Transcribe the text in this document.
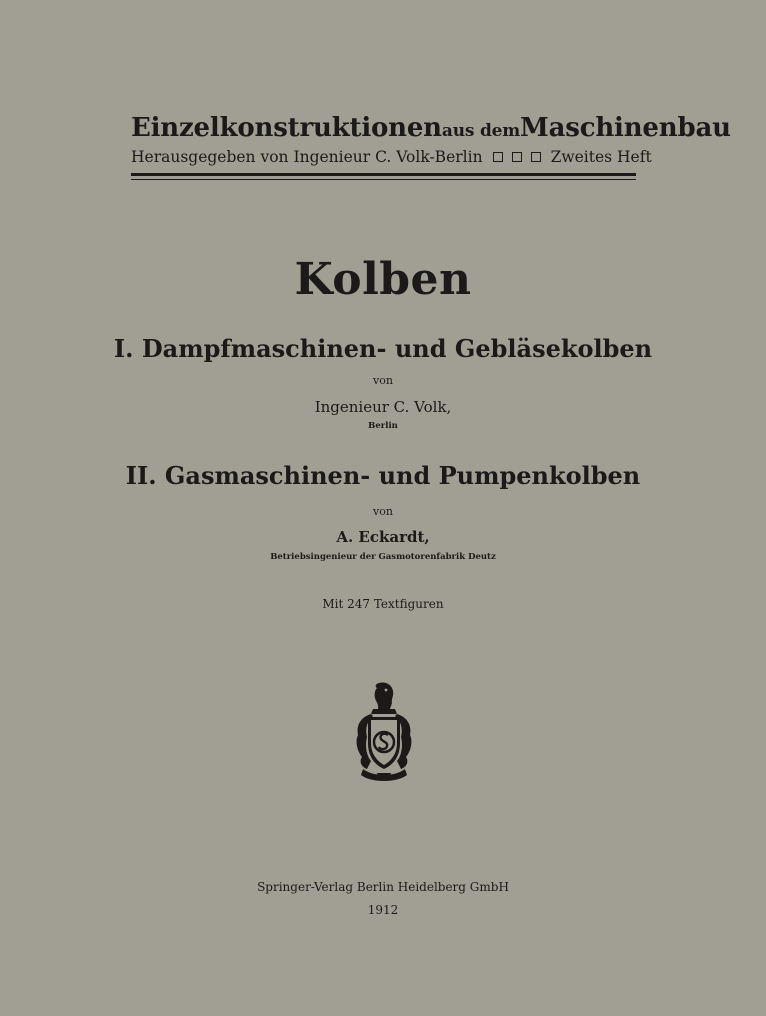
Einzelkonstruktionenaus demMaschinenbau
Herausgegeben von Ingenieur C. Volk-Berlin	Zweites Heft
Kolben
I. Dampfmaschinen- und Gebläsekolben
von
Ingenieur C. Volk,
Berlin
II. Gasmaschinen- und Pumpenkolben
von
A. Eckardt,
Betriebsingenieur der Gasmotorenfabrik Deutz
Mit 247 Textfiguren
Springer-Verlag Berlin Heidelberg GmbH
1912
